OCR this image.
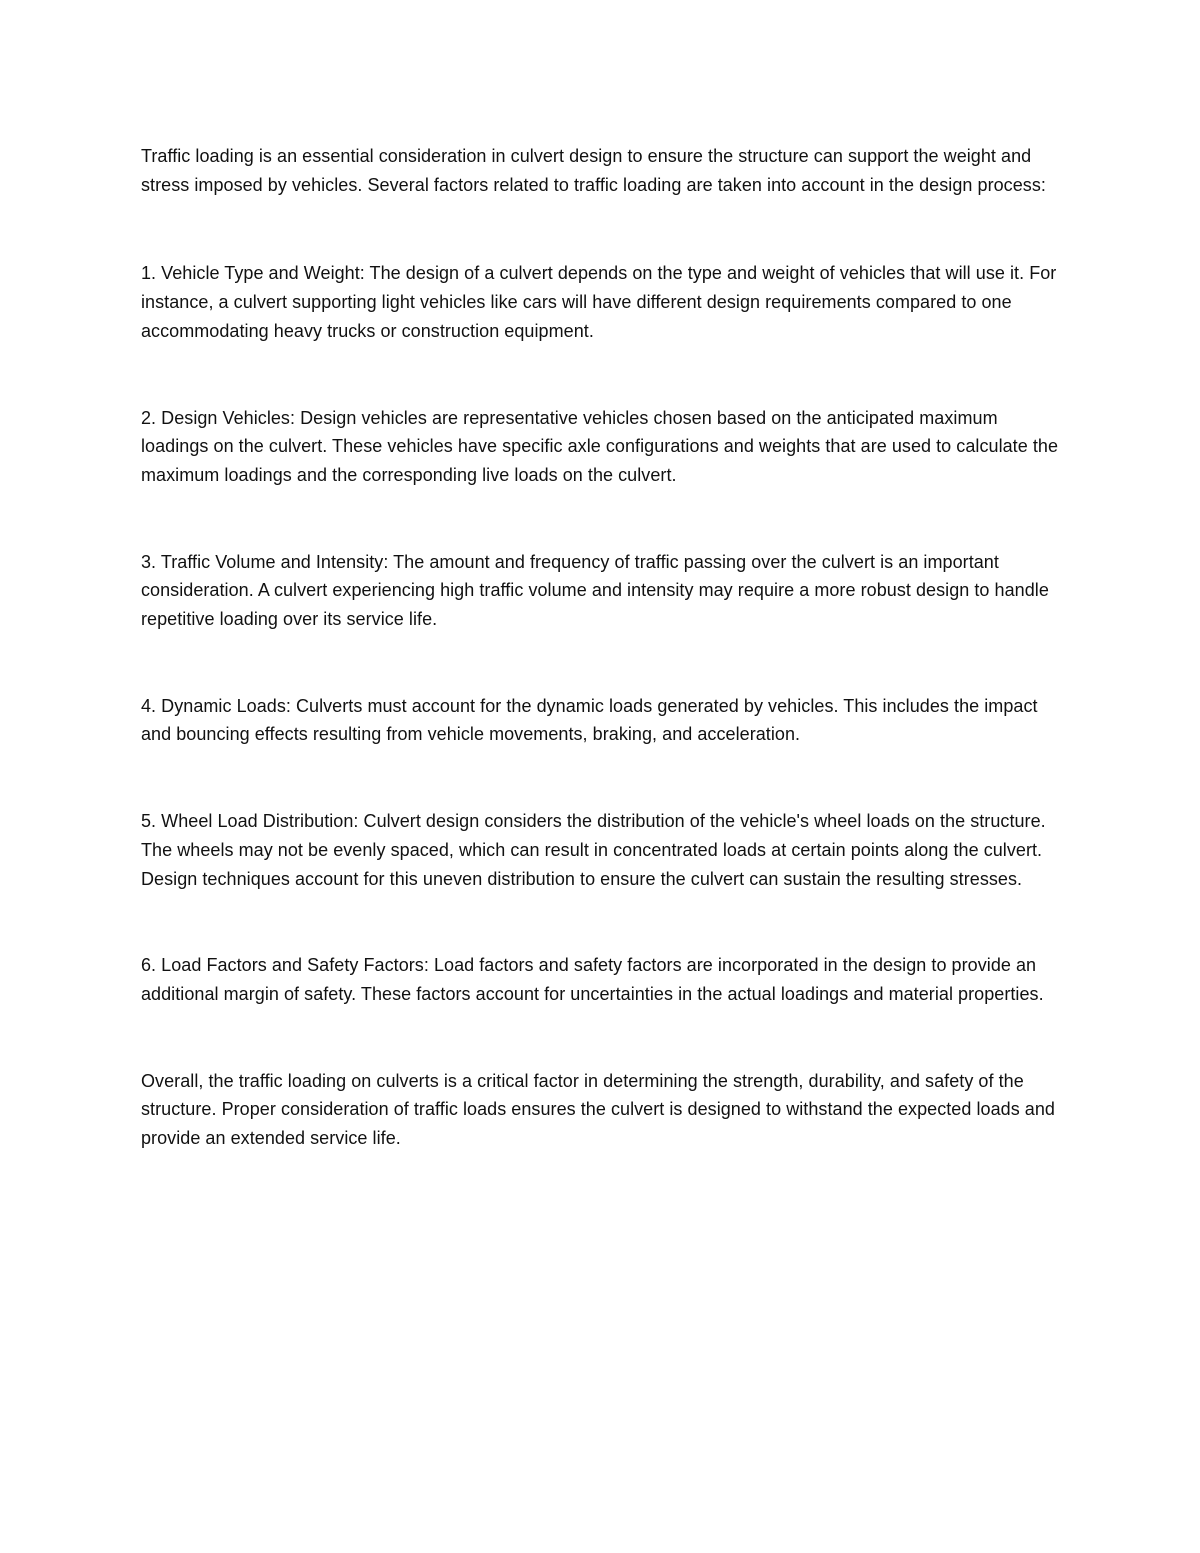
Traffic loading is an essential consideration in culvert design to ensure the structure can support the weight and stress imposed by vehicles. Several factors related to traffic loading are taken into account in the design process:

1. Vehicle Type and Weight: The design of a culvert depends on the type and weight of vehicles that will use it. For instance, a culvert supporting light vehicles like cars will have different design requirements compared to one accommodating heavy trucks or construction equipment.

2. Design Vehicles: Design vehicles are representative vehicles chosen based on the anticipated maximum loadings on the culvert. These vehicles have specific axle configurations and weights that are used to calculate the maximum loadings and the corresponding live loads on the culvert.

3. Traffic Volume and Intensity: The amount and frequency of traffic passing over the culvert is an important consideration. A culvert experiencing high traffic volume and intensity may require a more robust design to handle repetitive loading over its service life.

4. Dynamic Loads: Culverts must account for the dynamic loads generated by vehicles. This includes the impact and bouncing effects resulting from vehicle movements, braking, and acceleration.

5. Wheel Load Distribution: Culvert design considers the distribution of the vehicle's wheel loads on the structure. The wheels may not be evenly spaced, which can result in concentrated loads at certain points along the culvert. Design techniques account for this uneven distribution to ensure the culvert can sustain the resulting stresses.

6. Load Factors and Safety Factors: Load factors and safety factors are incorporated in the design to provide an additional margin of safety. These factors account for uncertainties in the actual loadings and material properties.

Overall, the traffic loading on culverts is a critical factor in determining the strength, durability, and safety of the structure. Proper consideration of traffic loads ensures the culvert is designed to withstand the expected loads and provide an extended service life.
